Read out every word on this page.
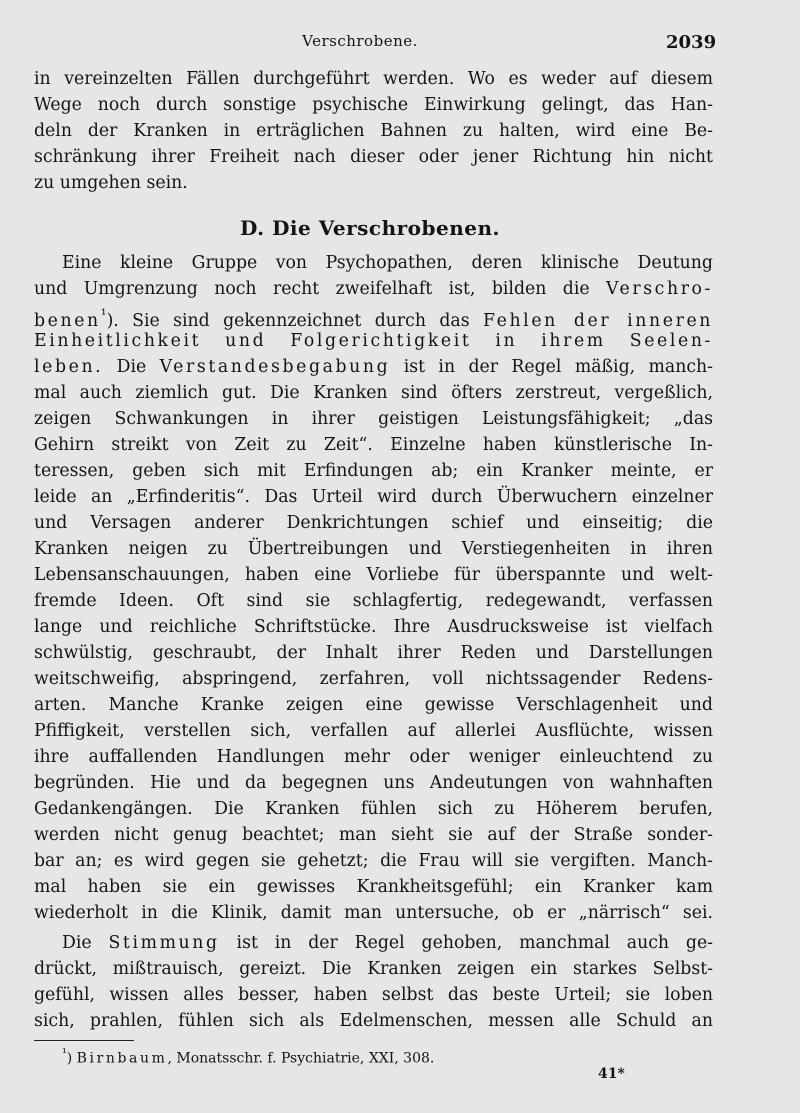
Verschrobene.	2039
in vereinzelten Fällen durchgeführt werden. Wo es weder auf diesem
Wege noch durch sonstige psychische Einwirkung gelingt, das Han-
deln der Kranken in erträglichen Bahnen zu halten, wird eine Be-
schränkung ihrer Freiheit nach dieser oder jener Richtung hin nicht
zu umgehen sein.
D. Die Verschrobenen.
Eine kleine Gruppe von Psychopathen, deren klinische Deutung
und Umgrenzung noch recht zweifelhaft ist, bilden die Verschro-
benen$^{^1}$). Sie sind gekennzeichnet durch das Fehlen der inneren
Einheitlichkeit und Folgerichtigkeit in ihrem Seelen-
leben. Die Verstandesbegabung ist in der Regel mäßig, manch-
mal auch ziemlich gut. Die Kranken sind öfters zerstreut, vergeßlich,
zeigen Schwankungen in ihrer geistigen Leistungsfähigkeit; „das
Gehirn streikt von Zeit zu Zeit“. Einzelne haben künstlerische In-
teressen, geben sich mit Erfindungen ab; ein Kranker meinte, er
leide an „Erfinderitis“. Das Urteil wird durch Überwuchern einzelner
und Versagen anderer Denkrichtungen schief und einseitig; die
Kranken neigen zu Übertreibungen und Verstiegenheiten in ihren
Lebensanschauungen, haben eine Vorliebe für überspannte und welt-
fremde Ideen. Oft sind sie schlagfertig, redegewandt, verfassen
lange und reichliche Schriftstücke. Ihre Ausdrucksweise ist vielfach
schwülstig, geschraubt, der Inhalt ihrer Reden und Darstellungen
weitschweifig, abspringend, zerfahren, voll nichtssagender Redens-
arten. Manche Kranke zeigen eine gewisse Verschlagenheit und
Pfiffigkeit, verstellen sich, verfallen auf allerlei Ausflüchte, wissen
ihre auffallenden Handlungen mehr oder weniger einleuchtend zu
begründen. Hie und da begegnen uns Andeutungen von wahnhaften
Gedankengängen. Die Kranken fühlen sich zu Höherem berufen,
werden nicht genug beachtet; man sieht sie auf der Straße sonder-
bar an; es wird gegen sie gehetzt; die Frau will sie vergiften. Manch-
mal haben sie ein gewisses Krankheitsgefühl; ein Kranker kam
wiederholt in die Klinik, damit man untersuche, ob er „närrisch“ sei.
Die Stimmung ist in der Regel gehoben, manchmal auch ge-
drückt, mißtrauisch, gereizt. Die Kranken zeigen ein starkes Selbst-
gefühl, wissen alles besser, haben selbst das beste Urteil; sie loben
sich, prahlen, fühlen sich als Edelmenschen, messen alle Schuld an
$^{^1}$) Birnbaum, Monatsschr. f. Psychiatrie, XXI, 308.
41*
